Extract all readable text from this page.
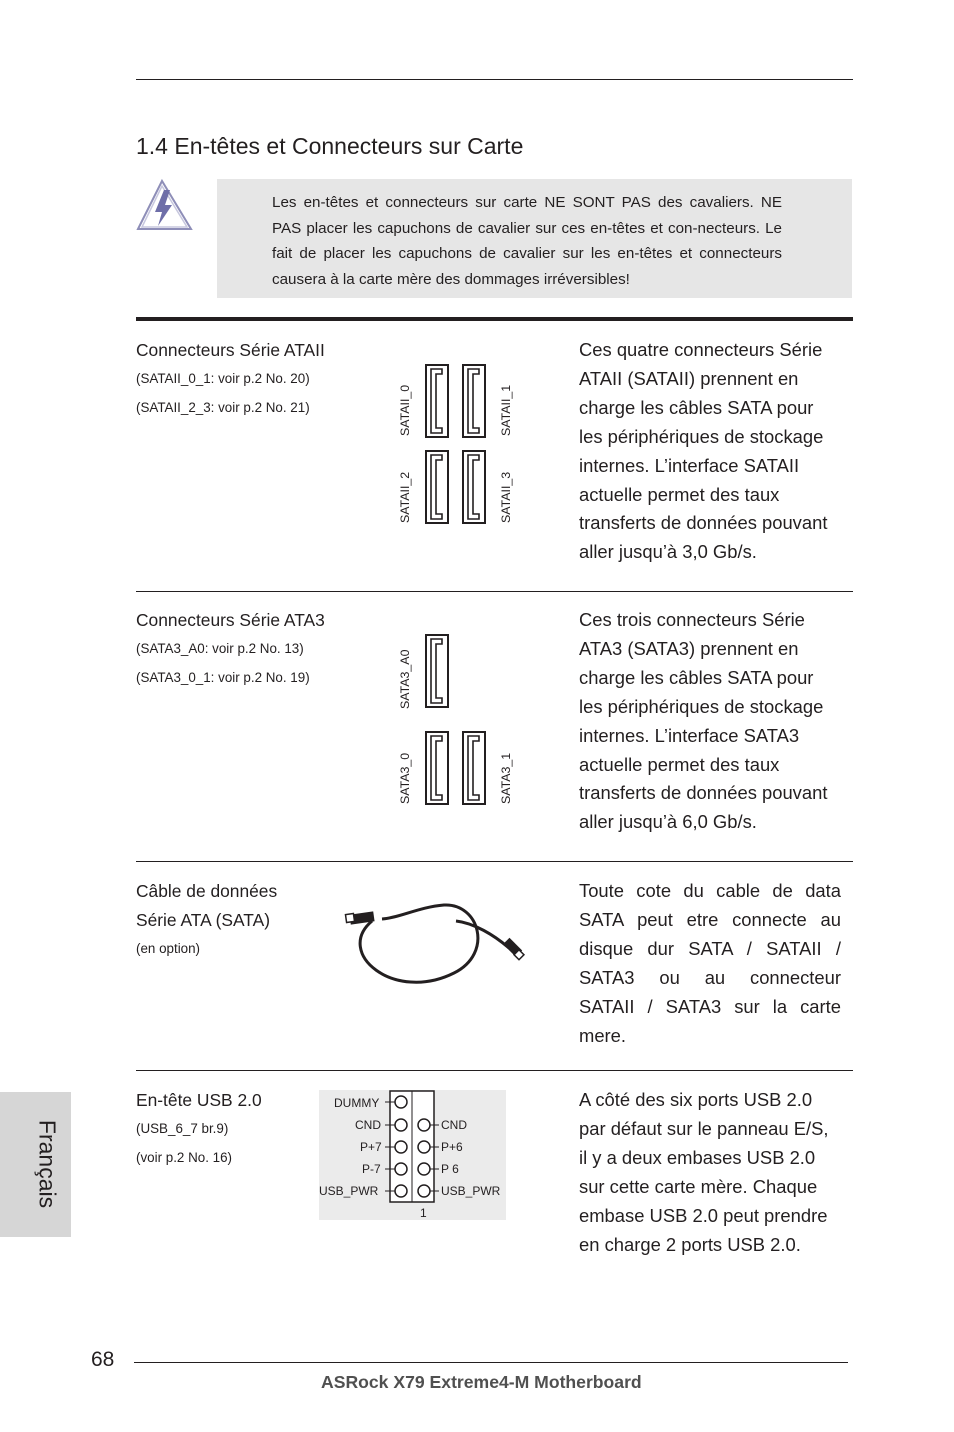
1.4 En-têtes et Connecteurs sur Carte
Les en-têtes et connecteurs sur carte NE SONT PAS des cavaliers. NE PAS placer les capuchons de cavalier sur ces en-têtes et con-necteurs. Le fait de placer les capuchons de cavalier sur les en-têtes et connecteurs causera à la carte mère des dommages irréversibles!
Connecteurs Série ATAII
(SATAII_0_1: voir p.2 No. 20)
(SATAII_2_3: voir p.2 No. 21)	SATAII_0	SATAII_1
SATAII_2	SATAII_3
Ces quatre connecteurs Série ATAII (SATAII) prennent en charge les câbles SATA pour les périphériques de stockage internes. L’interface SATAII actuelle permet des taux transferts de données pouvant aller jusqu’à 3,0 Gb/s.
Connecteurs Série ATA3
(SATA3_A0: voir p.2 No. 13)
(SATA3_0_1: voir p.2 No. 19)	SATA3_A0
SATA3_0	SATA3_1
Ces trois connecteurs Série ATA3 (SATA3) prennent en charge les câbles SATA pour les périphériques de stockage internes. L’interface SATA3 actuelle permet des taux transferts de données pouvant aller jusqu’à 6,0 Gb/s.
Câble de données
Série ATA (SATA)
(en option)
Toute cote du cable de data SATA peut etre connecte au disque dur SATA / SATAII / SATA3 ou au connecteur SATAII / SATA3 sur la carte mere.
En-tête USB 2.0
(USB_6_7 br.9)
(voir p.2 No. 16)
DUMMY
CND
P+7
P-7
USB_PWR
CND
P+6
P 6
USB_PWR
1
A côté des six ports USB 2.0 par défaut sur le panneau E/S, il y a deux embases USB 2.0 sur cette carte mère. Chaque embase USB 2.0 peut prendre en charge 2 ports USB 2.0.
Français
68
ASRock X79 Extreme4-M Motherboard
